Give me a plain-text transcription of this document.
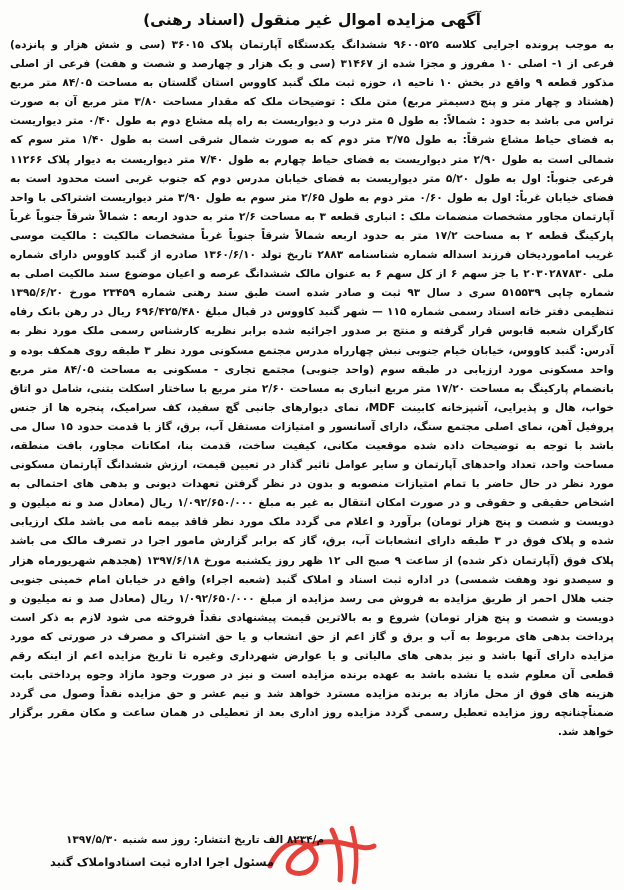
آگهی مزایده اموال غیر منقول (اسناد رهنی)
به موجب پرونده اجرایی کلاسه ۹۶۰۰۵۲۵ ششدانگ یکدستگاه آپارتمان پلاک ۳۶۰۱۵ (سی و شش هزار و پانزده) فرعی از ۱- اصلی ۱۰ مفروز و مجزا شده از ۳۱۴۶۷ (سی و یک هزار و چهارصد و شصت و هفت) فرعی از اصلی مذکور قطعه ۹ واقع در بخش ۱۰ ناحیه ۱، حوزه ثبت ملک گنبد کاووس استان گلستان به مساحت ۸۴/۰۵ متر مربع (هشتاد و چهار متر و پنج دسیمتر مربع) متن ملک : توضیحات ملک که مقدار مساحت ۳/۸۰ متر مربع آن به صورت تراس می باشد به حدود : شمالاً: به طول ۵ متر درب و دیواریست به راه پله مشاع دوم به طول ۰/۴۰ متر دیواریست به فضای حیاط مشاع شرقاً: به طول ۳/۷۵ متر دوم که به صورت شمال شرقی است به طول ۱/۴۰ متر سوم که شمالی است به طول ۲/۹۰ متر دیواریست به فضای حیاط چهارم به طول ۷/۴۰ متر دیواریست به دیوار پلاک ۱۱۲۶۶ فرعی جنوباً: اول به طول ۵/۲۰ متر دیواریست به فضای خیابان مدرس دوم که جنوب غربی است محدود است به فضای خیابان غرباً: اول به طول ۰/۶۰ متر دوم به طول ۲/۶۵ متر سوم به طول ۳/۹۰ متر دیواریست اشتراکی با واحد آپارتمان مجاور مشخصات منضمات ملک : انباری قطعه ۳ به مساحت ۲/۶ متر به حدود اربعه : شمالاً شرقاً جنوباً غرباً پارکینگ قطعه ۲ به مساحت ۱۷/۲ متر به حدود اربعه شمالاً شرقاً جنوباً غرباً مشخصات مالکیت : مالکیت موسی غریب اماموردیخان فرزند اسداله شماره شناسنامه ۲۸۸۳ تاریخ تولد ۱۳۶۰/۶/۱۰ صادره از گنبد کاووس دارای شماره ملی ۲۰۳۰۲۸۷۸۳۰ با جز سهم ۶ از کل سهم ۶ به عنوان مالک ششدانگ عرصه و اعیان موضوع سند مالکیت اصلی به شماره چاپی ۵۱۵۵۳۹ سری د سال ۹۳ ثبت و صادر شده است طبق سند رهنی شماره ۲۳۴۵۹ مورخ ۱۳۹۵/۶/۲۰ تنظیمی دفتر خانه اسناد رسمی شماره ۱۱۵ — شهر گنبد کاووس در قبال مبلغ ۶۹۶/۴۲۵/۴۸۰ ریال در رهن بانک رفاه کارگران شعبه قابوس قرار گرفته و منتج بر صدور اجرائیه شده برابر نظریه کارشناس رسمی ملک مورد نظر به آدرس: گنبد کاووس، خیابان خیام جنوبی نبش چهارراه مدرس مجتمع مسکونی مورد نظر ۳ طبقه روی همکف بوده و واحد مسکونی مورد ارزیابی در طبقه سوم (واحد جنوبی) مجتمع تجاری - مسکونی به مساحت ۸۴/۰۵ متر مربع بانضمام پارکینگ به مساحت ۱۷/۲۰ متر مربع انباری به مساحت ۲/۶۰ متر مربع با ساختار اسکلت بتنی، شامل دو اتاق خواب، هال و پذیرایی، آشپزخانه کابینت MDF، نمای دیوارهای جانبی گچ سفید، کف سرامیک، پنجره ها از جنس پروفیل آهن، نمای اصلی مجتمع سنگ، دارای آسانسور و امتیازات مستقل آب، برق، گاز با قدمت حدود ۱۵ سال می باشد با توجه به توضیحات داده شده موقعیت مکانی، کیفیت ساخت، قدمت بنا، امکانات مجاور، بافت منطقه، مساحت واحد، تعداد واحدهای آپارتمان و سایر عوامل تاثیر گذار در تعیین قیمت، ارزش ششدانگ آپارتمان مسکونی مورد نظر در حال حاضر با تمام امتیازات منصوبه و بدون در نظر گرفتن تعهدات دیونی و بدهی های احتمالی به اشخاص حقیقی و حقوقی و در صورت امکان انتقال به غیر به مبلغ ۱/۰۹۲/۶۵۰/۰۰۰ ریال (معادل صد و نه میلیون و دویست و شصت و پنج هزار تومان) برآورد و اعلام می گردد ملک مورد نظر فاقد بیمه نامه می باشد ملک ارزیابی شده و پلاک فوق در ۳ طبقه دارای انشعابات آب، برق، گاز که برابر گزارش مامور اجرا در تصرف مالک می باشد پلاک فوق (آپارتمان ذکر شده) از ساعت ۹ صبح الی ۱۲ ظهر روز یکشنبه مورخ ۱۳۹۷/۶/۱۸ (هجدهم شهریورماه هزار و سیصدو نود وهفت شمسی) در اداره ثبت اسناد و املاک گنبد (شعبه اجراء) واقع در خیابان امام خمینی جنوبی جنب هلال احمر از طریق مزایده به فروش می رسد مزایده از مبلغ ۱/۰۹۲/۶۵۰/۰۰۰ ریال (معادل صد و نه میلیون و دویست و شصت و پنج هزار تومان) شروع و به بالاترین قیمت پیشنهادی نقداً فروخته می شود لازم به ذکر است پرداخت بدهی های مربوط به آب و برق و گاز اعم از حق انشعاب و یا حق اشتراک و مصرف در صورتی که مورد مزایده دارای آنها باشد و نیز بدهی های مالیاتی و یا عوارض شهرداری وغیره تا تاریخ مزایده اعم از اینکه رقم قطعی آن معلوم شده یا نشده باشد به عهده برنده مزایده است و نیز در صورت وجود مازاد وجوه پرداختی بابت هزینه های فوق از محل مازاد به برنده مزایده مسترد خواهد شد و نیم عشر و حق مزایده نقداً وصول می گردد ضمناًچنانچه روز مزایده تعطیل رسمی گردد مزایده روز اداری بعد از تعطیلی در همان ساعت و مکان مقرر برگزار خواهد شد.
م/۸۲۳۴ الف تاریخ انتشار: روز سه شنبه ۱۳۹۷/۵/۳۰
مسئول اجرا اداره ثبت اسنادواملاک گنبد
